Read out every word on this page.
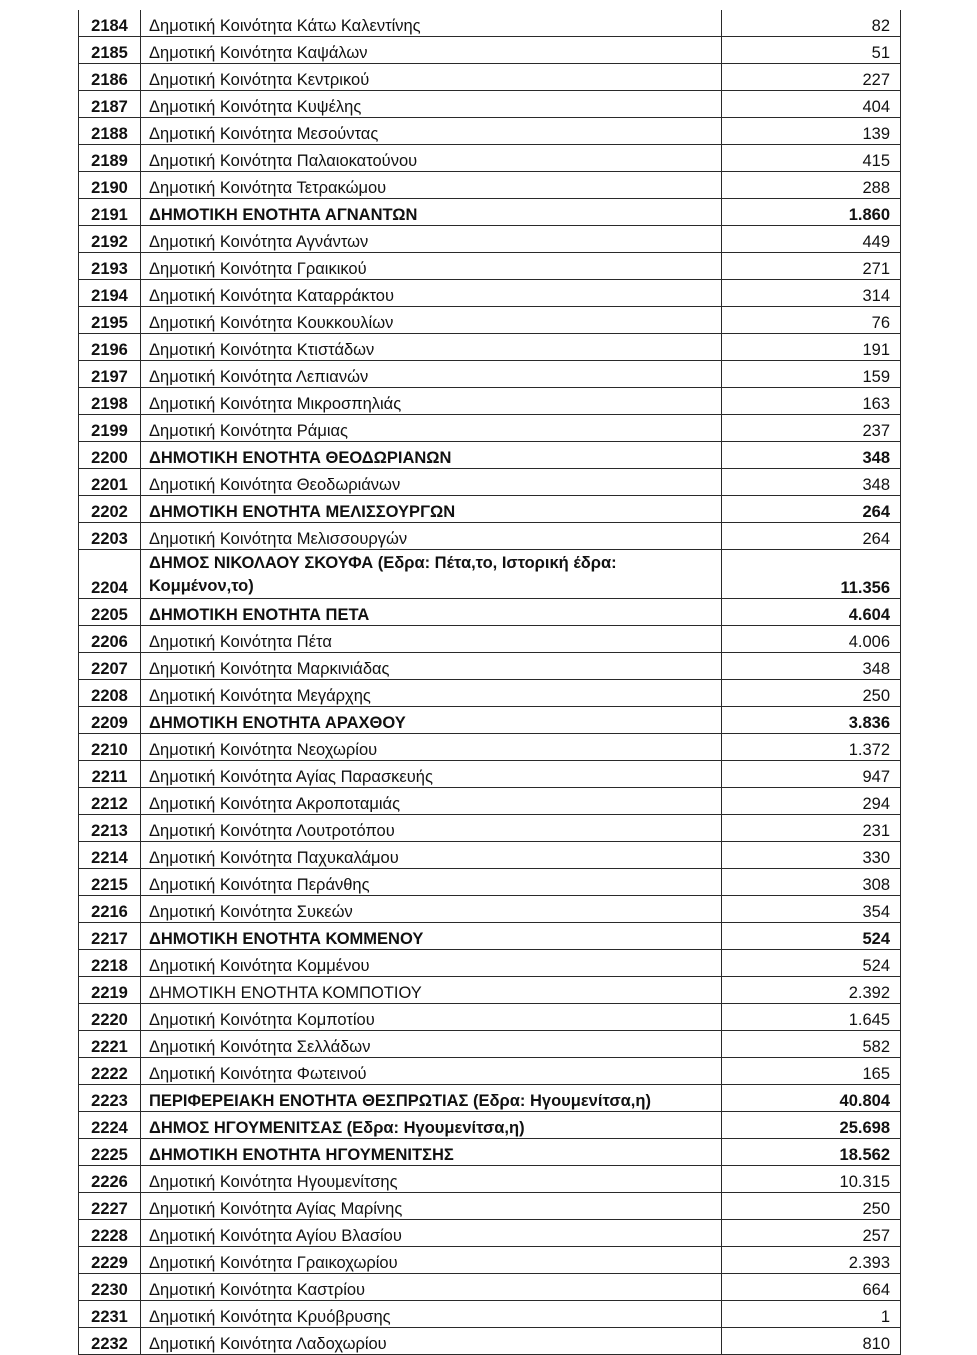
2184	Δημοτική Κοινότητα Κάτω Καλεντίνης	82
2185	Δημοτική Κοινότητα Καψάλων	51
2186	Δημοτική Κοινότητα Κεντρικού	227
2187	Δημοτική Κοινότητα Κυψέλης	404
2188	Δημοτική Κοινότητα Μεσούντας	139
2189	Δημοτική Κοινότητα Παλαιοκατούνου	415
2190	Δημοτική Κοινότητα Τετρακώμου	288
2191	ΔΗΜΟΤΙΚΗ ΕΝΟΤΗΤΑ ΑΓΝΑΝΤΩΝ	1.860
2192	Δημοτική Κοινότητα Αγνάντων	449
2193	Δημοτική Κοινότητα Γραικικού	271
2194	Δημοτική Κοινότητα Καταρράκτου	314
2195	Δημοτική Κοινότητα Κουκκουλίων	76
2196	Δημοτική Κοινότητα Κτιστάδων	191
2197	Δημοτική Κοινότητα Λεπιανών	159
2198	Δημοτική Κοινότητα Μικροσπηλιάς	163
2199	Δημοτική Κοινότητα Ράμιας	237
2200	ΔΗΜΟΤΙΚΗ ΕΝΟΤΗΤΑ ΘΕΟΔΩΡΙΑΝΩΝ	348
2201	Δημοτική Κοινότητα Θεοδωριάνων	348
2202	ΔΗΜΟΤΙΚΗ ΕΝΟΤΗΤΑ ΜΕΛΙΣΣΟΥΡΓΩΝ	264
2203	Δημοτική Κοινότητα Μελισσουργών	264
2204	ΔΗΜΟΣ ΝΙΚΟΛΑΟΥ ΣΚΟΥΦΑ (Εδρα: Πέτα,το, Ιστορική έδρα: Κομμένον,το)	11.356
2205	ΔΗΜΟΤΙΚΗ ΕΝΟΤΗΤΑ ΠΕΤΑ	4.604
2206	Δημοτική Κοινότητα Πέτα	4.006
2207	Δημοτική Κοινότητα Μαρκινιάδας	348
2208	Δημοτική Κοινότητα Μεγάρχης	250
2209	ΔΗΜΟΤΙΚΗ ΕΝΟΤΗΤΑ ΑΡΑΧΘΟΥ	3.836
2210	Δημοτική Κοινότητα Νεοχωρίου	1.372
2211	Δημοτική Κοινότητα Αγίας Παρασκευής	947
2212	Δημοτική Κοινότητα Ακροποταμιάς	294
2213	Δημοτική Κοινότητα Λουτροτόπου	231
2214	Δημοτική Κοινότητα Παχυκαλάμου	330
2215	Δημοτική Κοινότητα Περάνθης	308
2216	Δημοτική Κοινότητα Συκεών	354
2217	ΔΗΜΟΤΙΚΗ ΕΝΟΤΗΤΑ ΚΟΜΜΕΝΟΥ	524
2218	Δημοτική Κοινότητα Κομμένου	524
2219	ΔΗΜΟΤΙΚΗ ΕΝΟΤΗΤΑ ΚΟΜΠΟΤΙΟΥ	2.392
2220	Δημοτική Κοινότητα Κομποτίου	1.645
2221	Δημοτική Κοινότητα Σελλάδων	582
2222	Δημοτική Κοινότητα Φωτεινού	165
2223	ΠΕΡΙΦΕΡΕΙΑΚΗ ΕΝΟΤΗΤΑ ΘΕΣΠΡΩΤΙΑΣ (Εδρα: Ηγουμενίτσα,η)	40.804
2224	ΔΗΜΟΣ ΗΓΟΥΜΕΝΙΤΣΑΣ (Εδρα: Ηγουμενίτσα,η)	25.698
2225	ΔΗΜΟΤΙΚΗ ΕΝΟΤΗΤΑ ΗΓΟΥΜΕΝΙΤΣΗΣ	18.562
2226	Δημοτική Κοινότητα Ηγουμενίτσης	10.315
2227	Δημοτική Κοινότητα Αγίας Μαρίνης	250
2228	Δημοτική Κοινότητα Αγίου Βλασίου	257
2229	Δημοτική Κοινότητα Γραικοχωρίου	2.393
2230	Δημοτική Κοινότητα Καστρίου	664
2231	Δημοτική Κοινότητα Κρυόβρυσης	1
2232	Δημοτική Κοινότητα Λαδοχωρίου	810
